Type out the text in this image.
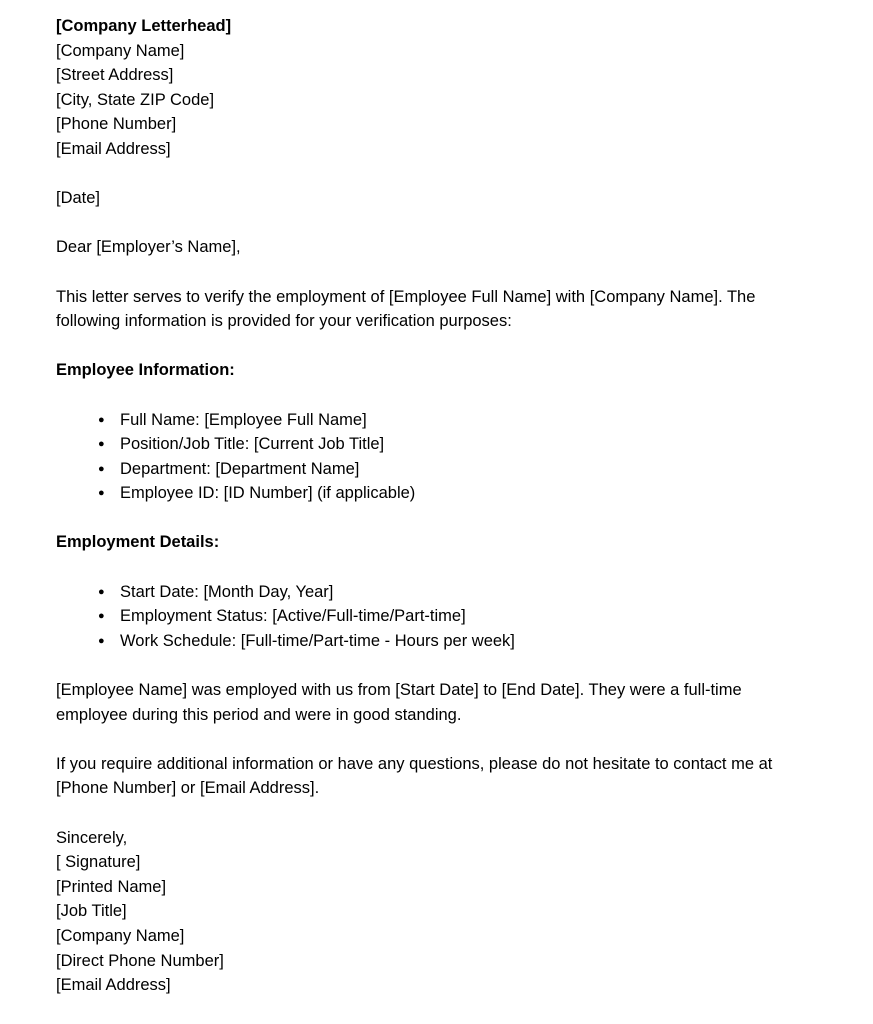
[Company Letterhead]
[Company Name]
[Street Address]
[City, State ZIP Code]
[Phone Number]
[Email Address]
[Date]
Dear [Employer’s Name],

This letter serves to verify the employment of [Employee Full Name] with [Company Name]. The following information is provided for your verification purposes:

Employee Information:
● Full Name: [Employee Full Name]
● Position/Job Title: [Current Job Title]
● Department: [Department Name]
● Employee ID: [ID Number] (if applicable)
Employment Details:
● Start Date: [Month Day, Year]
● Employment Status: [Active/Full-time/Part-time]
● Work Schedule: [Full-time/Part-time - Hours per week]

[Employee Name] was employed with us from [Start Date] to [End Date]. They were a full-time employee during this period and were in good standing.

If you require additional information or have any questions, please do not hesitate to contact me at [Phone Number] or [Email Address].

Sincerely,
[ Signature]
[Printed Name]
[Job Title]
[Company Name]
[Direct Phone Number]
[Email Address]
